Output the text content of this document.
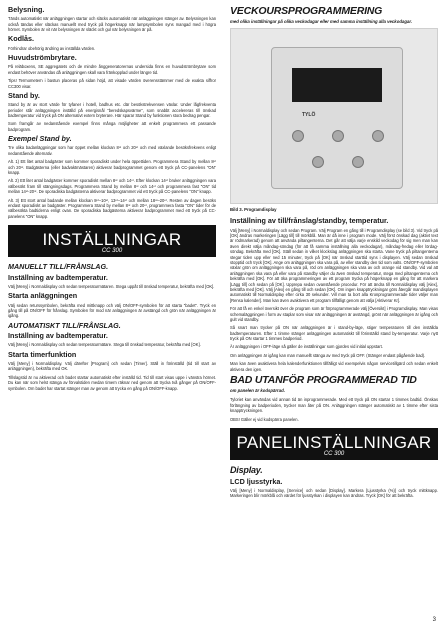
Belysning.

Tänds automatiskt när anläggningen startar och släcks automatiskt när anläggningen stänger av. Belysningen kan också tändas eller släckas manuellt med tryck på högerknapp när lampsymbolen syns mangad med i högra hörnet. Symbolen är vit när belysningen är släckt och gul när belysningen är på.

Kodlås.

Förhindrar obehörig ändring av inställda värden.

Huvudströmbrytare.

På reläboxens, SE aggregatets och de mindre ånggeneratorernas undersida finns en huvudströmbrytare som endast behöver användas då anläggningen skall vara fränkopplad under längre tid.

Tips! Termometern i bastun placeras på sidan höjd, att visade värden överensstämmer med de exakta siffror CC300 visar.

Stand by.

Stand by är av stort värde för tyfaner i hotell, badhus etc. där besökstrekvensen växlar. Under lågfrekventa perioder står anläggningen inställd på energisnål "beredskapsvärme", som snabbt accelereras till önskad badtemperatur vid tryck på ON alternativt extern bryterare. Här sparar Stand by funktionen stora bedrag pengar.

Som framgår av nedanstående exempel finns många möjligheter att enkelt programmera ett passande badprogram.

Exempel Stand by.

Tre olika badanläggningar som har öppet mellan klockan 8ⁿᵗ och 20ⁿᵗ och med växlande besöksfrekvens enligt nedanstående alternativ.

Alt. 1) Ett litet antal badgäster som kommer sporadiskt under hela öppettiden. Programmera Stand by mellan 8ⁿᵗ och 20ⁿᵗ. Badgästerna (eller badvaktmästaren) aktiverar badprogrammet genom ett tryck på CC-panelens "ON" knapp.

Alt. 2) Ett litet antal badgäster kommer sporadiskt mellan 8ⁿᵗ och 14ⁿᵗ. Efter klockan 14ⁿᵗ bruker anläggningen vara välbesökt fram till stängningsdags. Programmera Stand by mellan 8ⁿᵗ och 14ⁿᵗ och programmera fast "ON" tid mellan 14ⁿᵗ-20ⁿᵗ. De sporadiska badgästerna aktiverar badprogrammet vid ett tryck på CC-panelens "ON" knapp.

Alt. 3) Ett stort antal badande mellan klockan 8ⁿᵗ–10ⁿᵗ, 13ⁿᵗ–14ⁿᵗ och mellan 18ⁿᵗ–20ⁿᵗ. Resten av dagen besöks endast sporadiskt av badgäster. Programmera Stand by mellan 8ⁿᵗ och 20ⁿᵗ, programmera fasta "ON" tider för de välbesökta badtiderna enligt ovan. De sporadiska badgästerna aktiverar badprogrammet med ett tryck på CC-panelens "ON" knapp.

INSTÄLLNINGAR
CC 300
MANUELLT TILL/FRÅNSLAG.
Inställning av badtemperatur.

Välj [Meny] i Normaldisplay och sedan temperaturmätaren. Stega uppåt till önskad temperatur, bekräfta med [OK].

Starta anläggningen

Välj sedan returssymbolen, bekräfta med mittknapp och välj ON/OFF-symbolen för att starta "badet". Tryck en gång till på ON/OFF för frånslag. Symbolen för mod när anläggningen är avstängd och grön när anläggningen är igång.

AUTOMATISKT TILL/FRÅNSLAG.
Inställning av badtemperatur.

Välj [Meny] i Normaldisplay och sedan temperaturmätare. Stega till önskad temperatur, bekräfta med [OK].

Starta timerfunktion

Välj [Meny] i Normaldisplay. Välj därefter [Program] och sedan [Timer]. Ställ in förinställd (tid till start av anläggningen), bekräfta med OK.

Tillslagstid är nu aktiverad och badet startar automatiskt efter inställd tid. Tid till start visas uppe i vänstra hörnet. Du kan när som helst stänga av förvalstiden medan timern räknar ned genom att trycka två gånger på ON/OFF-symbolen. Om badet har startat stänger man av genom att trycka en gång på ON/OFF-knapp.

VECKOURSPROGRAMMERING
med olika inställningar på olika veckodagar eller med samma inställning alla veckodagar.
TYLÖ
Bild 3. Programdisplay
Inställning av till/frånslag/standby, temperatur.

Välj [Meny] i Normaldisplay och sedan Program. Välj Program en gång till i Programdisplay (se bild 3). Vid tryck på [OK] ändras markeringen [Lägg till] till mörkblå. Man är då inne i program mode. Välj först önskad dag (aktivt text är rödmarkerad) genom att använda piltangenterna. Det går att välja varje enskild veckodag för sig men man kan även direkt välja måndag-söndag (för att få samma inställning alla veckodagar), måndag-fredag eller lördag-söndag. Bekräfta med [OK]. Ställ sedan in vilket klockslag anläggningen ska starta. Vane tryck på piltangenterna stegar tiden upp eller ned 15 minuter, tryck på [OK] när önskad starttid syns i displayen. Välj sedan önskad stopptid och tryck [OK]. Ange om anläggningen ska vara på, av eller standby den tid som valts. ON/OFF-symbolen växlar grön om anläggningen ska vara på, röd om anläggningen ska vara av och orange vid standby. Vid val att anläggningen ska vara på eller vara på standby väljer du även önskad temperatur, stega med piltangenterna och bekräfta med [OK]. För att öka programmeringen av ett program trycka på högerknapp en gång för att markera [Lägg till] och sedan på [OK]. Upprepa sedan ovanstående procedur. För att ändra till Normaldisplay välj [Alex], bekräfta med [OK]. Välj [Alex] en gång till och sedan [OK]. Om ingen knapptryckningar görs återgår mandisplayen automatiskt till Normaldisplay efter cirka 30 sekunder. Vill man ta bort alla Kronprogrammerade tider väljer man [Rensa kalender]. Man kan även avaktivera ett program tillfälligt genom att välja [Aktiverar Kr].

För att få en enkel översikt över de program som är förprogrammerade välj [Översikt] i Programdisplay. Man visas schemaläggningen i form av staplar som visar när anläggningen är avstängd, grönt när anläggningen är igång och gult vid standby.

Så snart man trycker på ON när anläggningen är i stand-by-läge, stiger temperaturen till den inställda badtemperaturen. Efter 1 timme stänger anläggningen automatiskt till förinställd stand by-temperatur. Varje nytt tryck på ON startar 1 timmes badperiod.

Är anläggningen i OFF-läge så gäller de inställningar som gjordes vid initial uppstart.

Om anläggningen är igång kan man manuellt stänga av med tryck på OFF. (Stänger endast pågående bad).

Man kan även avaktivera hela kalenderfunktionen tillfälligt vid exempelvis någon servicetillgärd och sedan enkelt aktivera den igen.

BAD UTANFÖR PROGRAMMERAD TID
om panelen är kodspärrad.

Tyloriet kan användas vid annan tid än inprogrammerade. Med ett tryck på ON startar 1 timmes badtid. Önskas förlängning av badperioden, trycker man åter på ON. Anläggningen stänger automatiskt av 1 timme efter sista knapptryckningen.

OBS! Gäller ej vid kodspärra panelen.

PANELINSTÄLLNINGAR
CC 300
Display.
LCD ljusstyrka.

Välj [Meny] i Normaldisplay, [Service] och sedan [Display]. Markera [Ljusstyrka (%)] och tryck mittknapp. Markeringen blir mörkblå och värdet för ljusstyrkan i displayen kan ändras. Tryck [OK] för att bekräfta.

3
